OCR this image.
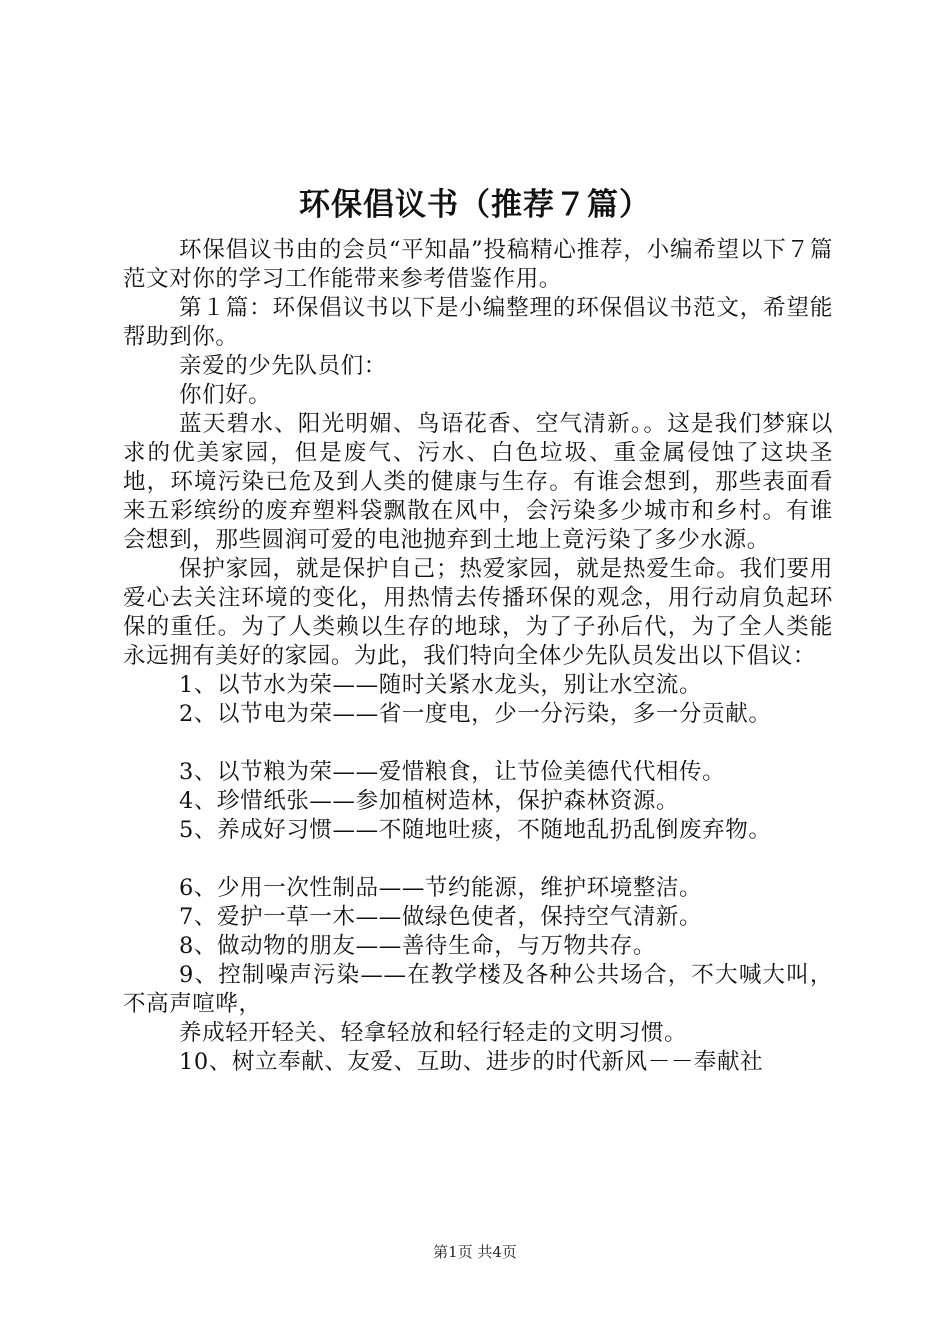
环保倡议书（推荐７篇）

环保倡议书由的会员“平知晶”投稿精心推荐，小编希望以下７篇范文对你的学习工作能带来参考借鉴作用。

第１篇：环保倡议书以下是小编整理的环保倡议书范文，希望能帮助到你。

亲爱的少先队员们：

你们好。

蓝天碧水、阳光明媚、鸟语花香、空气清新。。这是我们梦寐以求的优美家园，但是废气、污水、白色垃圾、重金属侵蚀了这块圣地，环境污染已危及到人类的健康与生存。有谁会想到，那些表面看来五彩缤纷的废弃塑料袋飘散在风中，会污染多少城市和乡村。有谁会想到，那些圆润可爱的电池抛弃到土地上竟污染了多少水源。

保护家园，就是保护自己；热爱家园，就是热爱生命。我们要用爱心去关注环境的变化，用热情去传播环保的观念，用行动肩负起环保的重任。为了人类赖以生存的地球，为了子孙后代，为了全人类能永远拥有美好的家园。为此，我们特向全体少先队员发出以下倡议：

1、以节水为荣——随时关紧水龙头，别让水空流。

2、以节电为荣——省一度电，少一分污染，多一分贡献。

3、以节粮为荣——爱惜粮食，让节俭美德代代相传。

4、珍惜纸张——参加植树造林，保护森林资源。

5、养成好习惯——不随地吐痰，不随地乱扔乱倒废弃物。

6、少用一次性制品——节约能源，维护环境整洁。

7、爱护一草一木——做绿色使者，保持空气清新。

8、做动物的朋友——善待生命，与万物共存。

9、控制噪声污染——在教学楼及各种公共场合，不大喊大叫，不高声喧哗，

养成轻开轻关、轻拿轻放和轻行轻走的文明习惯。

10、树立奉献、友爱、互助、进步的时代新风－－奉献社

第1页 共4页
